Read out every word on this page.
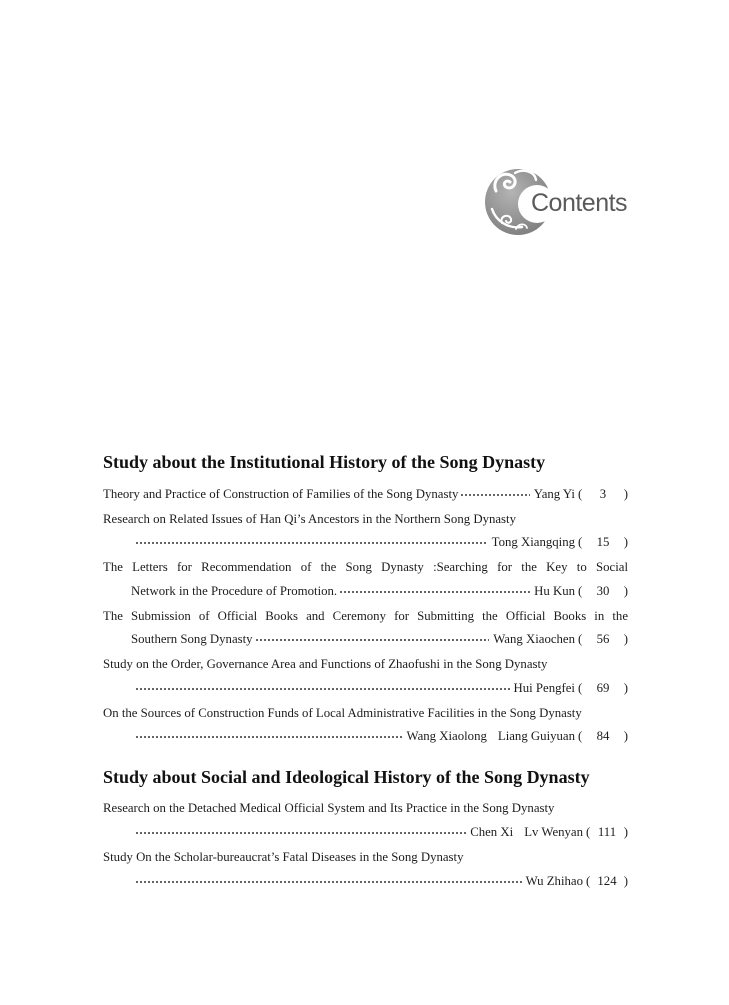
Contents
Study about the Institutional History of the Song Dynasty
Theory and Practice of Construction of Families of the Song Dynasty	Yang Yi ( 3 )
Research on Related Issues of Han Qi’s Ancestors in the Northern Song Dynasty
Tong Xiangqing ( 15 )
The Letters for Recommendation of the Song Dynasty :Searching for the Key to Social
Network in the Procedure of Promotion.	Hu Kun ( 30 )
The Submission of Official Books and Ceremony for Submitting the Official Books in the
Southern Song Dynasty	Wang Xiaochen ( 56 )
Study on the Order, Governance Area and Functions of Zhaofushi in the Song Dynasty
Hui Pengfei ( 69 )
On the Sources of Construction Funds of Local Administrative Facilities in the Song Dynasty
Wang Xiaolong Liang Guiyuan ( 84 )
Study about Social and Ideological History of the Song Dynasty
Research on the Detached Medical Official System and Its Practice in the Song Dynasty
Chen Xi Lv Wenyan ( 111 )
Study On the Scholar-bureaucrat’s Fatal Diseases in the Song Dynasty
Wu Zhihao ( 124 )
